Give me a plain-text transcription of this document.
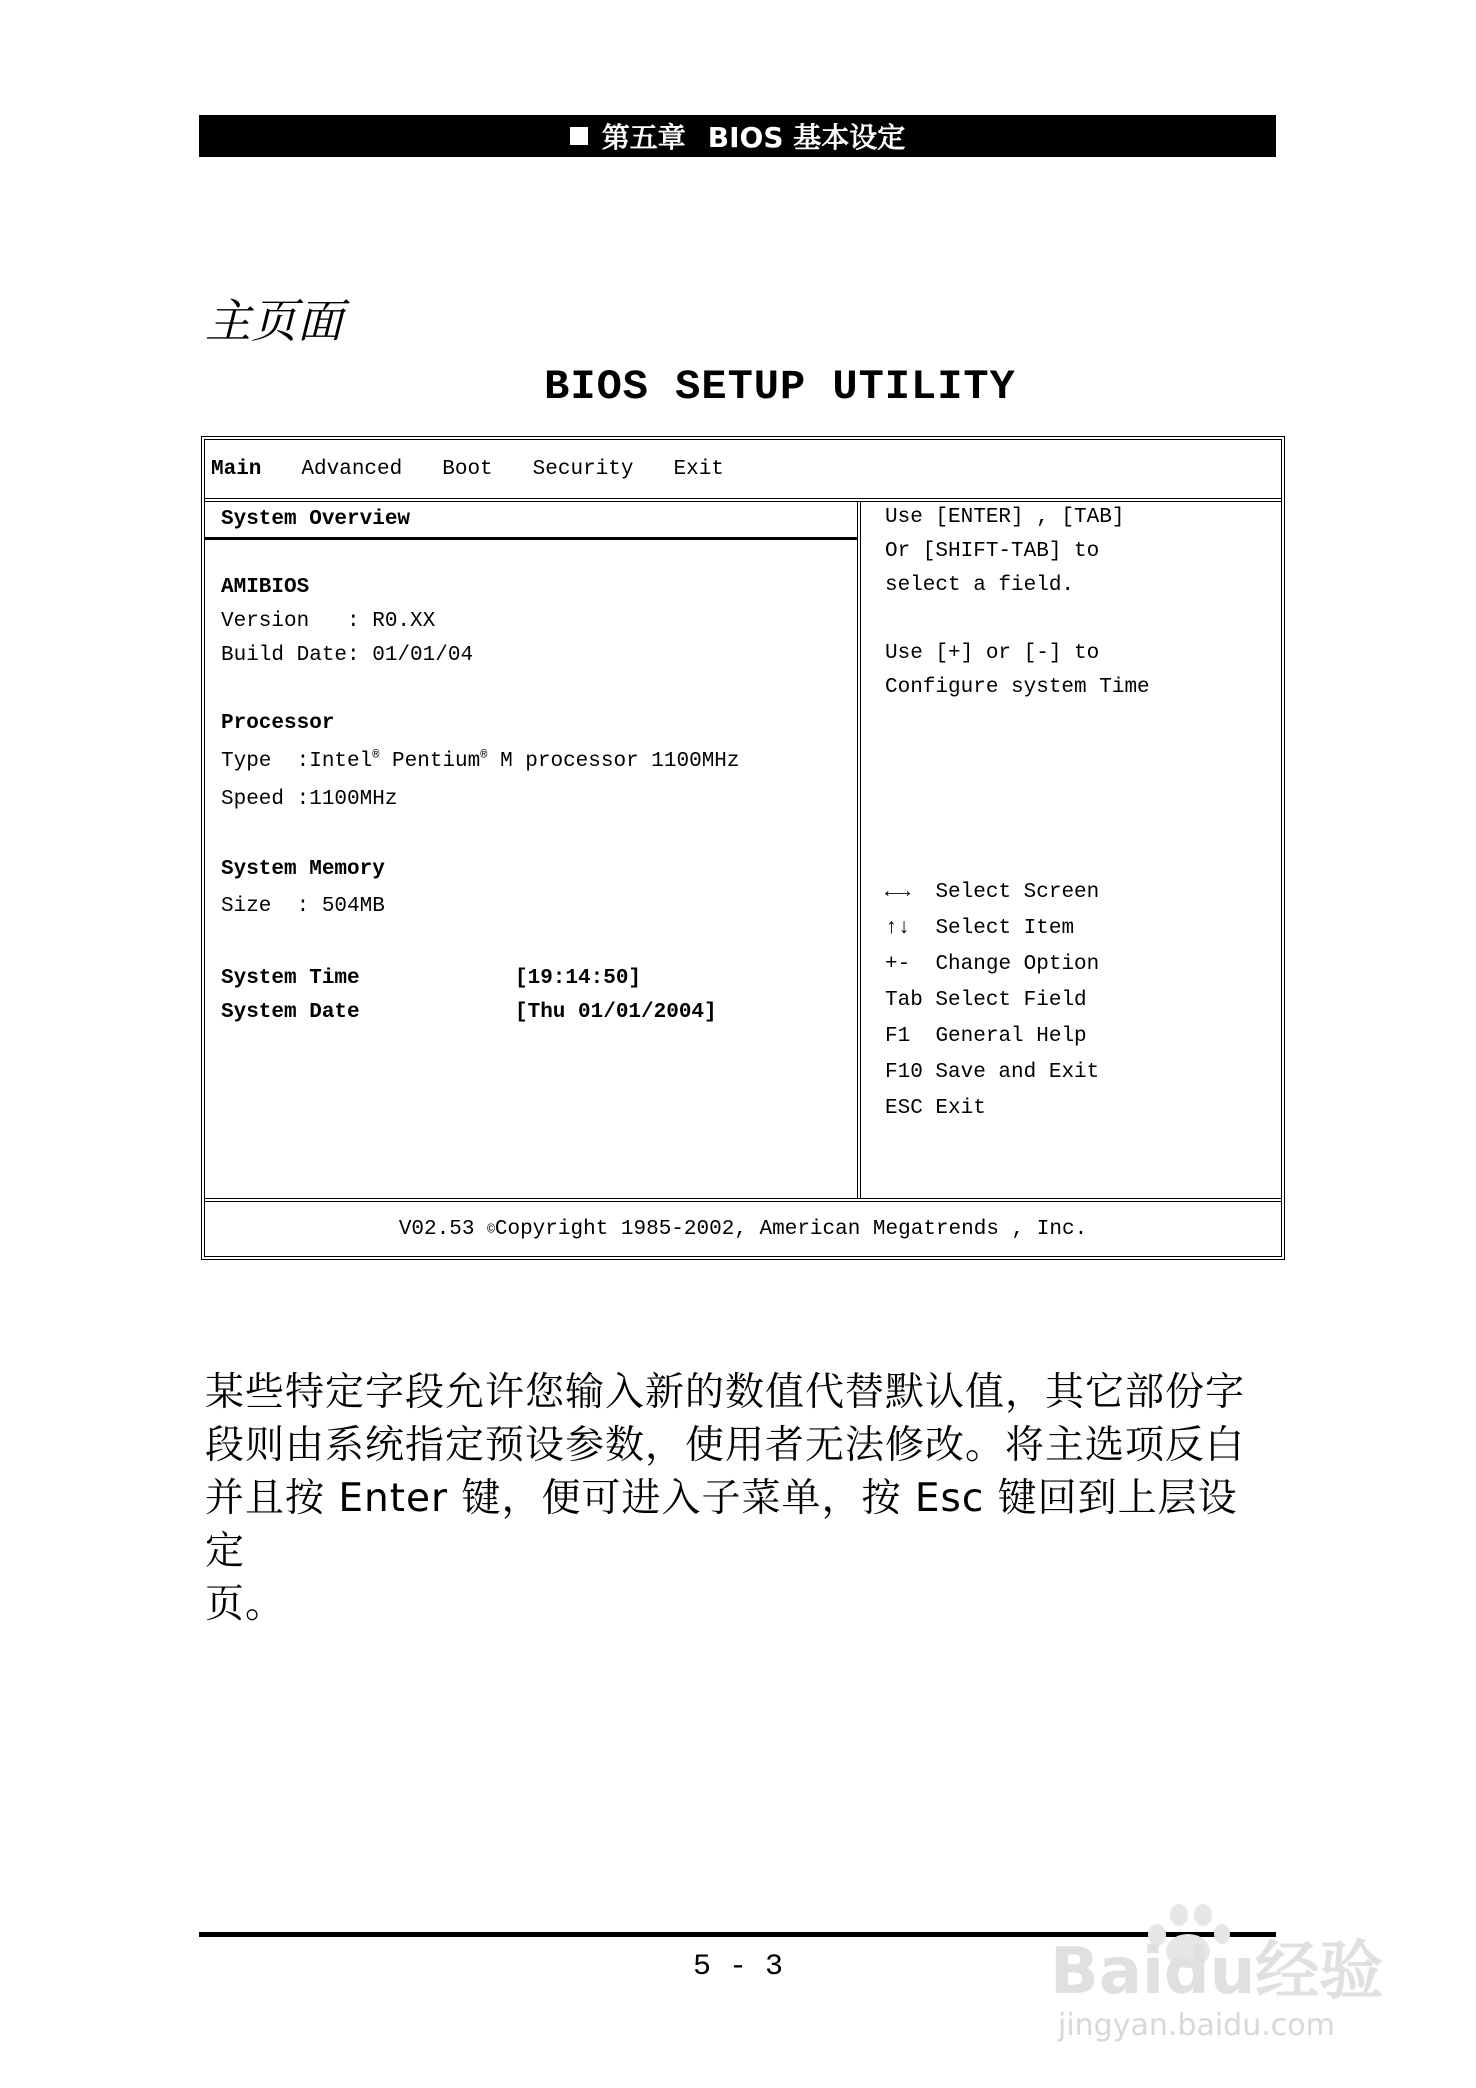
第五章 BIOS 基本设定
主页面
BIOS SETUP UTILITY
Main Advanced Boot Security Exit
System Overview
AMIBIOS
Version   : R0.XX
Build Date: 01/01/04
Processor
Type  :Intel® Pentium® M processor 1100MHz
Speed :1100MHz
System Memory
Size  : 504MB
System Time	[19:14:50]
System Date	[Thu 01/01/2004]
Use [ENTER] , [TAB]
Or [SHIFT-TAB] to
select a field.
Use [+] or [-] to
Configure system Time
←→ Select Screen
↑↓ Select Item
+- Change Option
Tab Select Field
F1 General Help
F10 Save and Exit
ESC Exit
V02.53
© Copyright 1985-2002, American Megatrends , Inc.
某些特定字段允许您输入新的数值代替默认值，其它部份字
段则由系统指定预设参数，使用者无法修改。将主选项反白
并且按 Enter 键，便可进入子菜单，按 Esc 键回到上层设定
页。
5 - 3	Baidu经验
jingyan.baidu.com
